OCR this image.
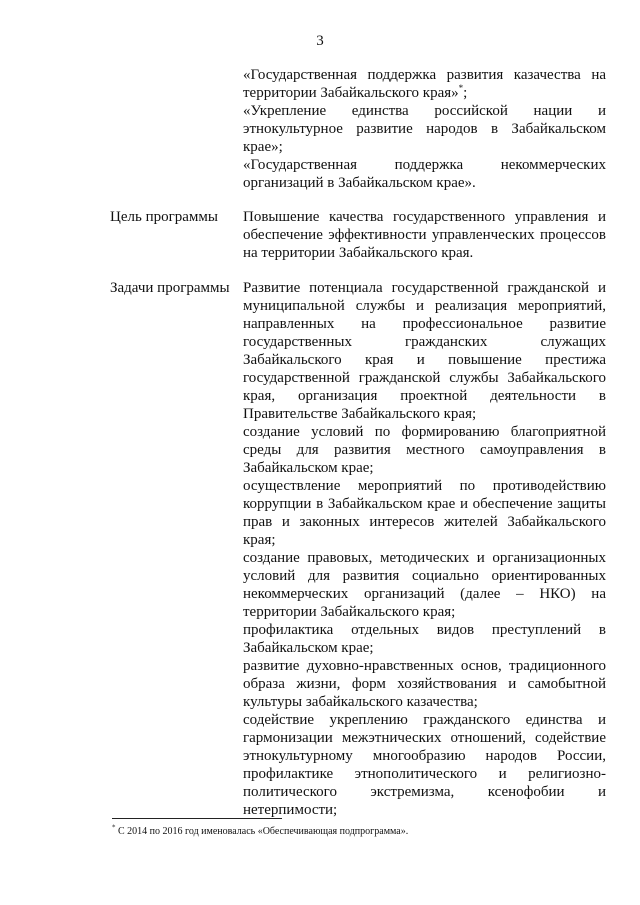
3
«Государственная поддержка развития казачества на территории Забайкальского края»*;
«Укрепление единства российской нации и этнокультурное развитие народов в Забайкальском крае»;
«Государственная поддержка некоммерческих организаций в Забайкальском крае».
Цель программы	Повышение качества государственного управления и обеспечение эффективности управленческих процессов на территории Забайкальского края.
Задачи программы Развитие потенциала государственной гражданской и муниципальной службы и реализация мероприятий, направленных на профессиональное развитие государственных гражданских служащих Забайкальского края и повышение престижа государственной гражданской службы Забайкальского края, организация проектной деятельности в Правительстве Забайкальского края;
создание условий по формированию благоприятной среды для развития местного самоуправления в Забайкальском крае;
осуществление мероприятий по противодействию коррупции в Забайкальском крае и обеспечение защиты прав и законных интересов жителей Забайкальского края;
создание правовых, методических и организационных условий для развития социально ориентированных некоммерческих организаций (далее – НКО) на территории Забайкальского края;
профилактика отдельных видов преступлений в Забайкальском крае;
развитие духовно-нравственных основ, традиционного образа жизни, форм хозяйствования и самобытной культуры забайкальского казачества;
содействие укреплению гражданского единства и гармонизации межэтнических отношений, содействие этнокультурному многообразию народов России, профилактике этнополитического и религиозно-политического экстремизма, ксенофобии и нетерпимости;
* С 2014 по 2016 год именовалась «Обеспечивающая подпрограмма».
